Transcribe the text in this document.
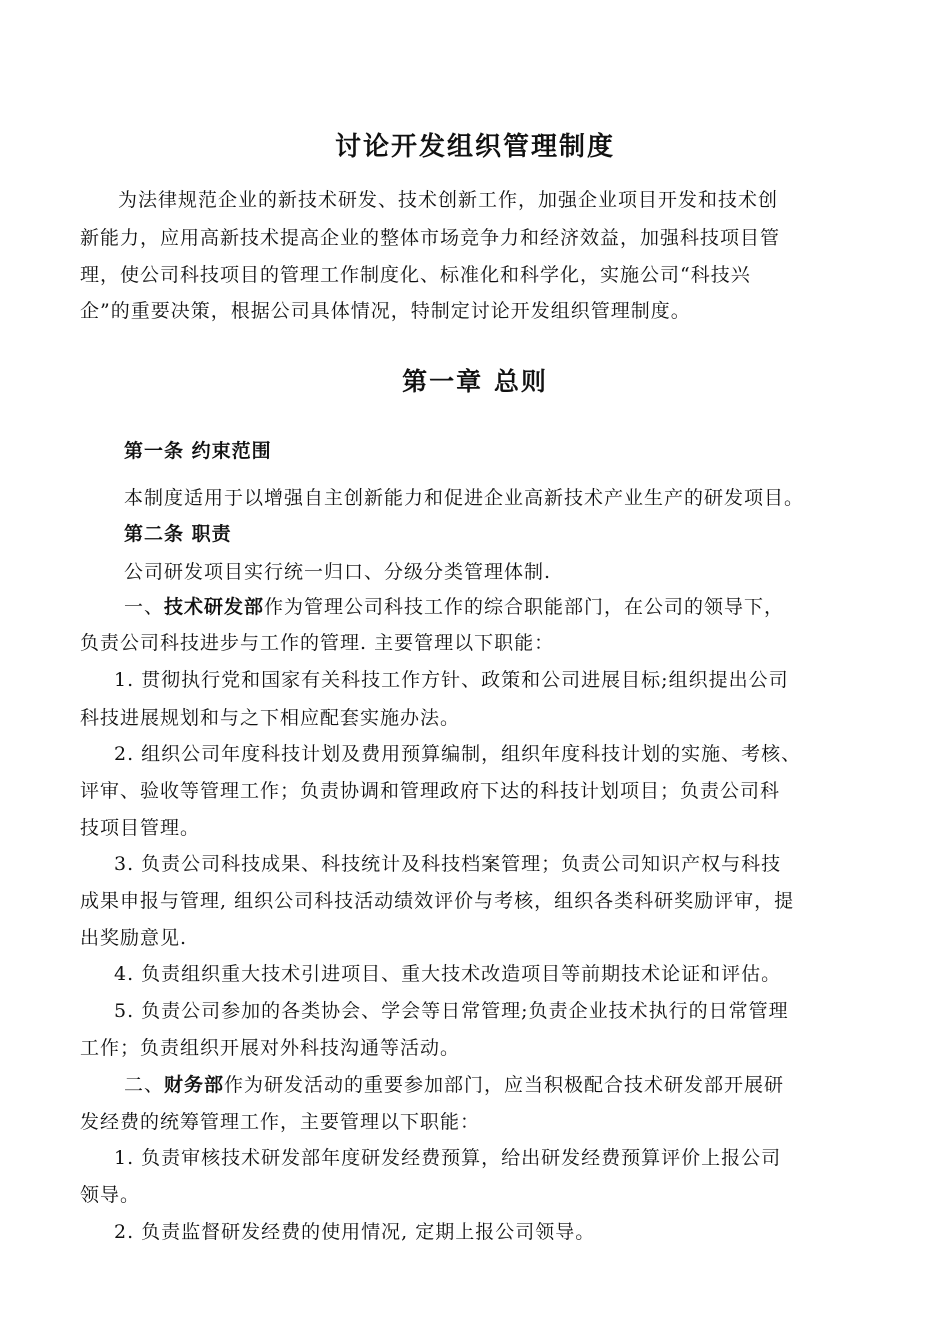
讨论开发组织管理制度
为法律规范企业的新技术研发、技术创新工作，加强企业项目开发和技术创
新能力，应用高新技术提高企业的整体市场竞争力和经济效益，加强科技项目管
理，使公司科技项目的管理工作制度化、标准化和科学化，实施公司“科技兴
企”的重要决策，根据公司具体情况，特制定讨论开发组织管理制度。
第一章 总则
第一条 约束范围
本制度适用于以增强自主创新能力和促进企业高新技术产业生产的研发项目。
第二条 职责
公司研发项目实行统一归口、分级分类管理体制.
一、技术研发部作为管理公司科技工作的综合职能部门，在公司的领导下，
负责公司科技进步与工作的管理. 主要管理以下职能：
1. 贯彻执行党和国家有关科技工作方针、政策和公司进展目标;组织提出公司
科技进展规划和与之下相应配套实施办法。
2. 组织公司年度科技计划及费用预算编制，组织年度科技计划的实施、考核、
评审、验收等管理工作；负责协调和管理政府下达的科技计划项目；负责公司科
技项目管理。
3. 负责公司科技成果、科技统计及科技档案管理；负责公司知识产权与科技
成果申报与管理, 组织公司科技活动绩效评价与考核，组织各类科研奖励评审，提
出奖励意见.
4. 负责组织重大技术引进项目、重大技术改造项目等前期技术论证和评估。
5. 负责公司参加的各类协会、学会等日常管理;负责企业技术执行的日常管理
工作；负责组织开展对外科技沟通等活动。
二、财务部作为研发活动的重要参加部门，应当积极配合技术研发部开展研
发经费的统筹管理工作，主要管理以下职能：
1. 负责审核技术研发部年度研发经费预算，给出研发经费预算评价上报公司
领导。
2. 负责监督研发经费的使用情况, 定期上报公司领导。
